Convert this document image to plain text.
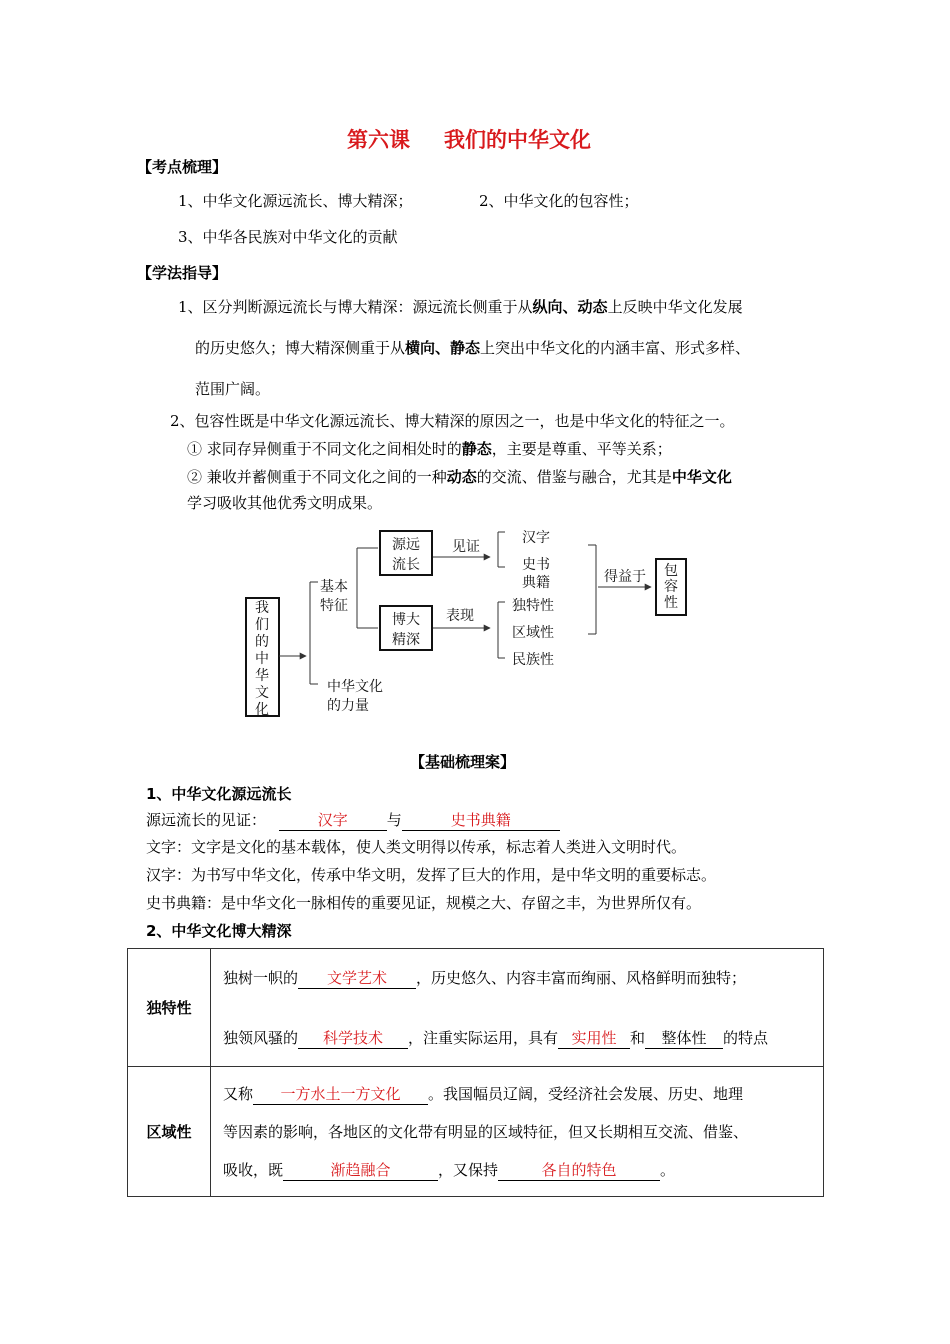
第六课 我们的中华文化
【考点梳理】
1、中华文化源远流长、博大精深；	2、中华文化的包容性；
3、中华各民族对中华文化的贡献
【学法指导】
1、区分判断源远流长与博大精深：源远流长侧重于从纵向、动态上反映中华文化发展
的历史悠久；博大精深侧重于从横向、静态上突出中华文化的内涵丰富、形式多样、
范围广阔。
2、包容性既是中华文化源远流长、博大精深的原因之一，也是中华文化的特征之一。
① 求同存异侧重于不同文化之间相处时的静态，主要是尊重、平等关系；
② 兼收并蓄侧重于不同文化之间的一种动态的交流、借鉴与融合，尤其是中华文化
学习吸收其他优秀文明成果。
我
们
的
中
华
文
化
基本
特征
中华文化
的力量
源远
流长
博大
精深
见证
表现
汉字
史书
典籍
独特性
区域性
民族性
得益于 包
容
性
【基础梳理案】
1、中华文化源远流长
源远流长的见证：	汉字	与	史书典籍
文字：文字是文化的基本载体，使人类文明得以传承，标志着人类进入文明时代。
汉字：为书写中华文化，传承中华文明，发挥了巨大的作用，是中华文明的重要标志。
史书典籍：是中华文化一脉相传的重要见证，规模之大、存留之丰，为世界所仅有。
2、中华文化博大精深
独特性	独树一帜的 文学艺术 ，历史悠久、内容丰富而绚丽、风格鲜明而独特；
独领风骚的 科学技术 ，注重实际运用，具有 实用性 和 整体性 的特点

区域性	又称 一方水土一方文化 。我国幅员辽阔，受经济社会发展、历史、地理
等因素的影响，各地区的文化带有明显的区域特征，但又长期相互交流、借鉴、
吸收，既 渐趋融合 ，又保持 各自的特色 。
